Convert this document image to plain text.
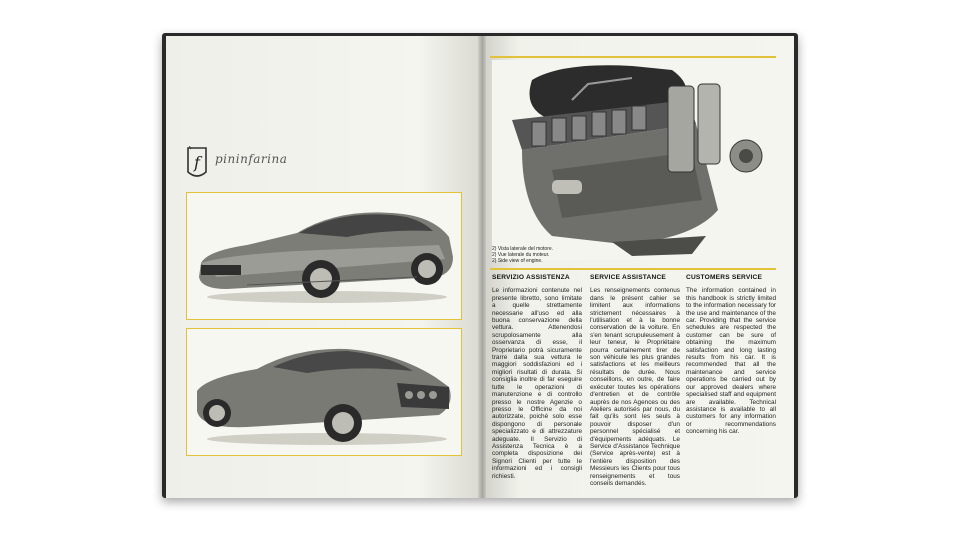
f pininfarina
2) Vista laterale del motore.
2) Vue laterale du moteur.
2) Side view of engine.
SERVIZIO ASSISTENZA

Le informazioni contenute nel presente libretto, sono limitate a quelle strettamente necessarie all'uso ed alla buona conservazione della vettura. Attenendosi scrupolosamente alla osservanza di esse, il Proprietario potrà sicuramente trarre dalla sua vettura le maggiori soddisfazioni ed i migliori risultati di durata. Si consiglia inoltre di far eseguire tutte le operazioni di manutenzione e di controllo presso le nostre Agenzie o presso le Officine da noi autorizzate, poiché solo esse dispongono di personale specializzato e di attrezzature adeguate. Il Servizio di Assistenza Tecnica è a completa disposizione dei Signori Clienti per tutte le informazioni ed i consigli richiesti.

SERVICE ASSISTANCE

Les renseignements contenus dans le présent cahier se limitent aux informations strictement nécessaires à l'utilisation et à la bonne conservation de la voiture. En s'en tenant scrupuleusement à leur teneur, le Propriétaire pourra certainement tirer de son véhicule les plus grandes satisfactions et les meilleurs résultats de durée. Nous conseillons, en outre, de faire exécuter toutes les opérations d'entretien et de contrôle auprès de nos Agences ou des Ateliers autorisés par nous, du fait qu'ils sont les seuls à pouvoir disposer d'un personnel spécialisé et d'équipements adéquats. Le Service d'Assistance Technique (Service après-vente) est à l'entière disposition des Messieurs les Clients pour tous renseignements et tous conseils demandés.

CUSTOMERS SERVICE

The information contained in this handbook is strictly limited to the information necessary for the use and maintenance of the car. Providing that the service schedules are respected the customer can be sure of obtaining the maximum satisfaction and long lasting results from his car. It is recommended that all the maintenance and service operations be carried out by our approved dealers where specialised staff and equipment are available. Technical assistance is available to all customers for any information or recommendations concerning his car.
